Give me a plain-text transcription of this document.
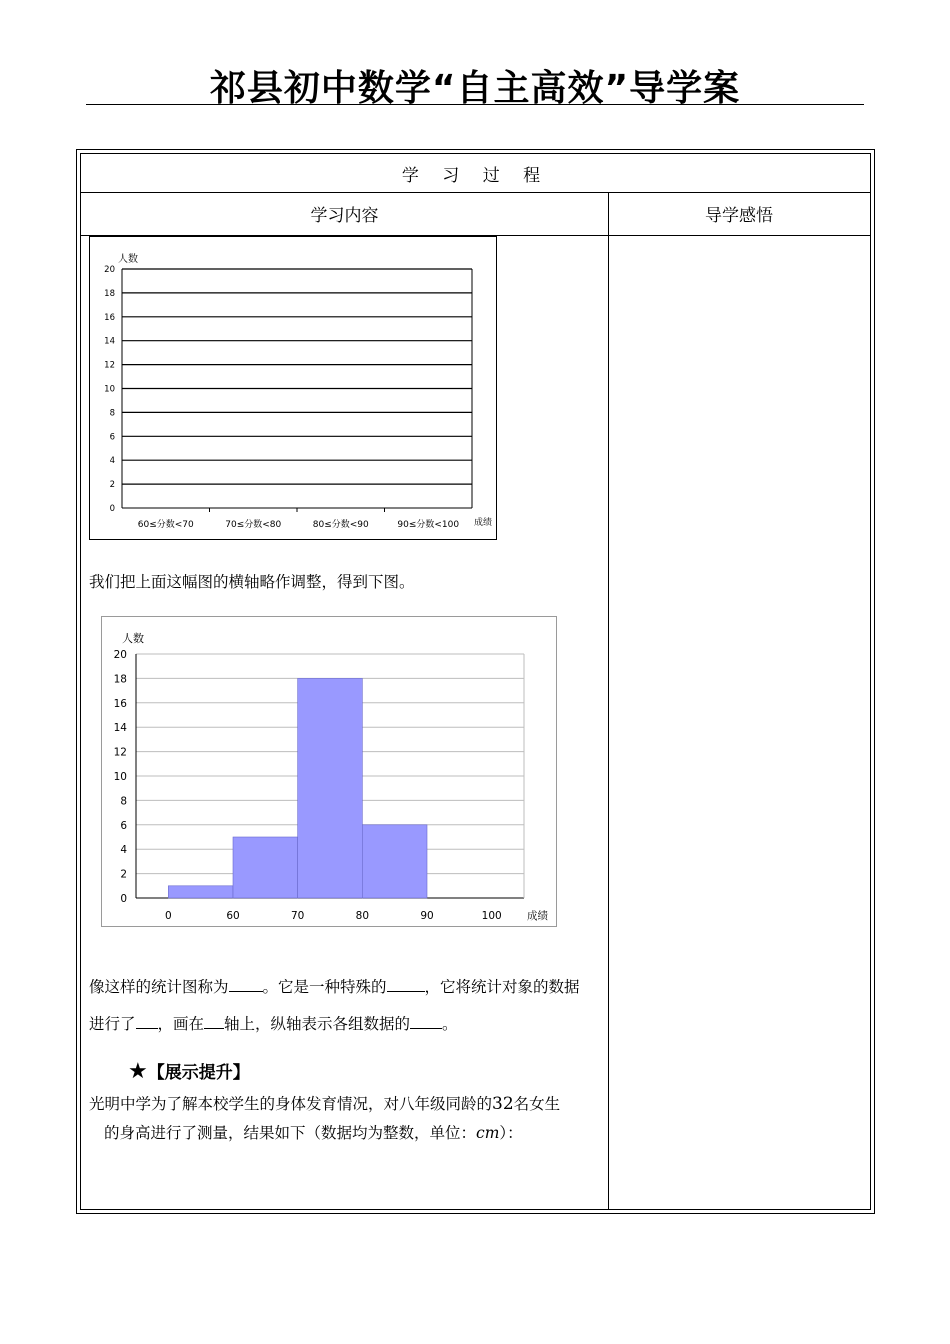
祁县初中数学“自主高效”导学案
学 习 过 程
学习内容	导学感悟
人数
0
2
4
6
8
10
12
14
16
18
20
60≤分数<70	70≤分数<80	80≤分数<90	90≤分数<100 成绩
我们把上面这幅图的横轴略作调整，得到下图。
人数
0
2
4
6
8
10
12
14
16
18
20
0	60	70	80	90	100 成绩
像这样的统计图称为 。它是一种特殊的 ，它将统计对象的数据
进行了 ，画在 轴上，纵轴表示各组数据的 。
★【展示提升】
光明中学为了解本校学生的身体发育情况，对八年级同龄的32名女生
的身高进行了测量，结果如下（数据均为整数，单位：cm）：
